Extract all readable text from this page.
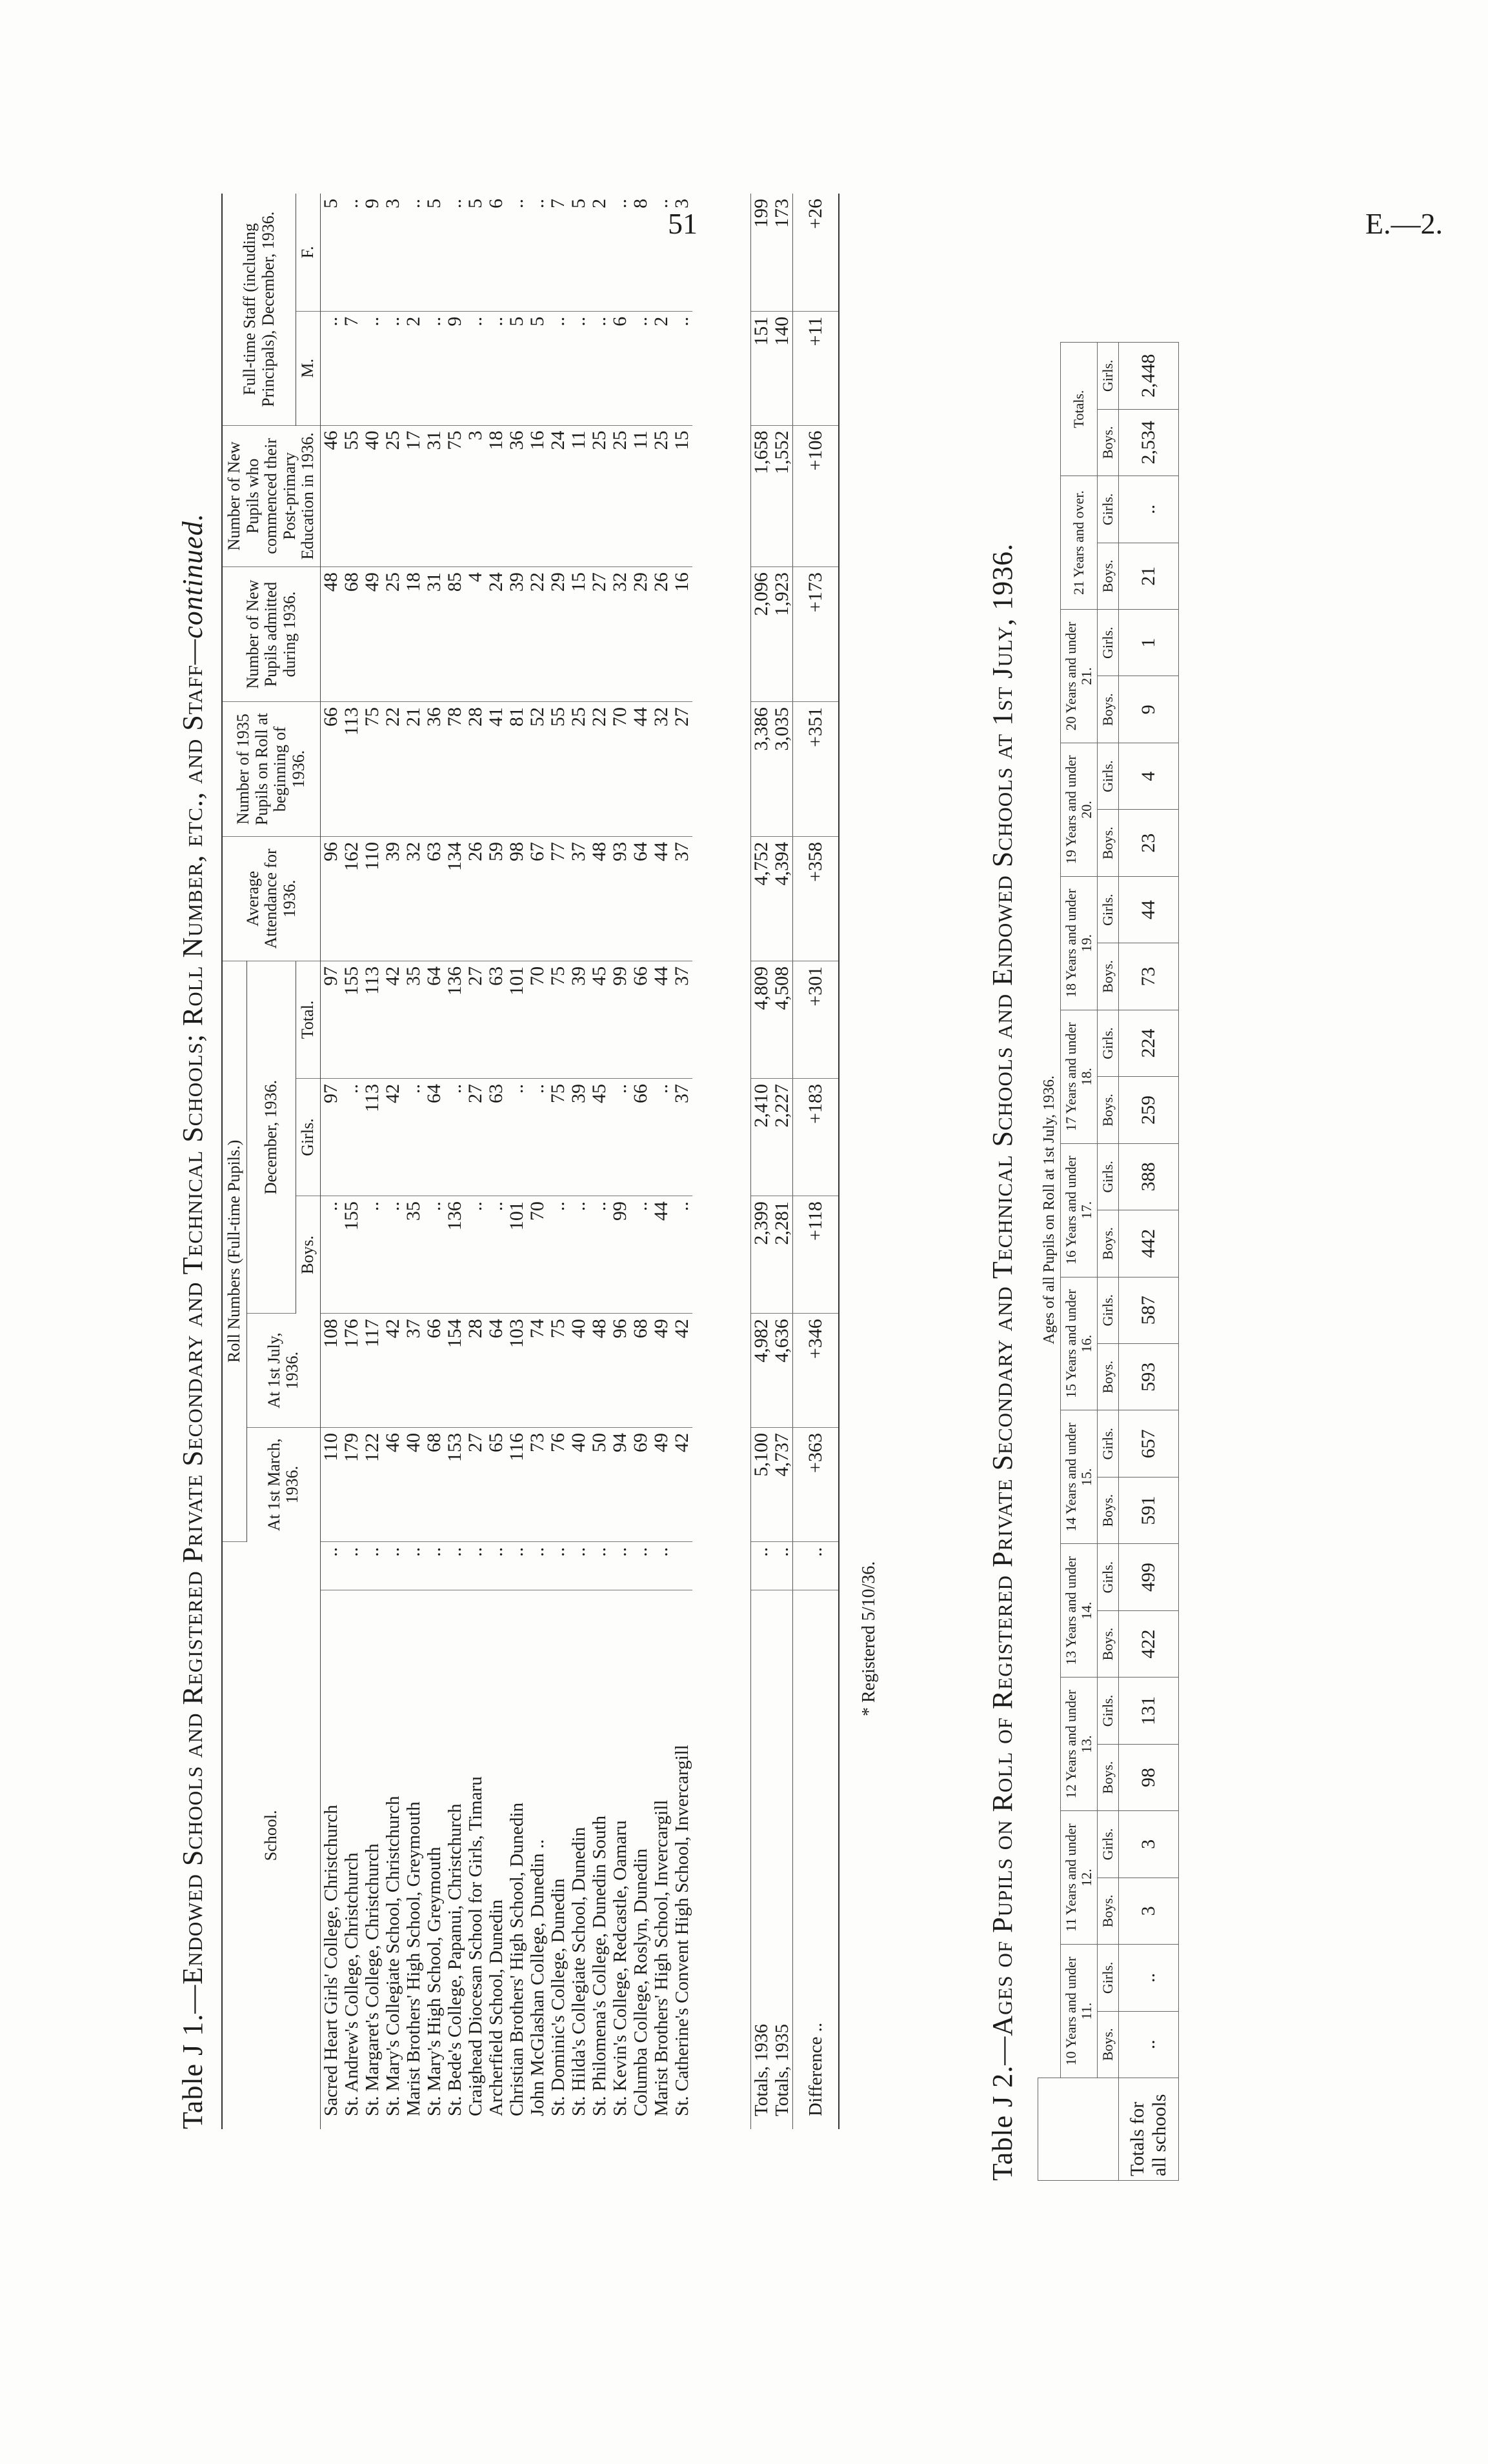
51	E.—2.
Table J 1.—Endowed Schools and Registered Private Secondary and Technical Schools; Roll Number, etc., and Staff—continued.
School.		Roll Numbers (Full-time Pupils.)					Average Attendance for 1936.	Number of 1935 Pupils on Roll at beginning of 1936.	Number of New Pupils admitted during 1936.	Number of New Pupils who commenced their Post-primary Education in 1936.	Full-time Staff (including Principals), December, 1936.	
		At 1st March, 1936.	At 1st July, 1936.	December, 1936.								
				Boys.	Girls.	Total.					M.	F.
Sacred Heart Girls' College, Christchurch	..	110	108	..	97	97	96	66	48	46	..	5
St. Andrew's College, Christchurch	..	179	176	155	..	155	162	113	68	55	7	..
St. Margaret's College, Christchurch	..	122	117	..	113	113	110	75	49	40	..	9
St. Mary's Collegiate School, Christchurch	..	46	42	..	42	42	39	22	25	25	..	3
Marist Brothers' High School, Greymouth	..	40	37	35	..	35	32	21	18	17	2	..
St. Mary's High School, Greymouth	..	68	66	..	64	64	63	36	31	31	..	5
St. Bede's College, Papanui, Christchurch	..	153	154	136	..	136	134	78	85	75	9	..
Craighead Diocesan School for Girls, Timaru	..	27	28	..	27	27	26	28	4	3	..	5
Archerfield School, Dunedin	..	65	64	..	63	63	59	41	24	18	..	6
Christian Brothers' High School, Dunedin	..	116	103	101	..	101	98	81	39	36	5	..
John McGlashan College, Dunedin ..	..	73	74	70	..	70	67	52	22	16	5	..
St. Dominic's College, Dunedin	..	76	75	..	75	75	77	55	29	24	..	7
St. Hilda's Collegiate School, Dunedin	..	40	40	..	39	39	37	25	15	11	..	5
St. Philomena's College, Dunedin South	..	50	48	..	45	45	48	22	27	25	..	2
St. Kevin's College, Redcastle, Oamaru	..	94	96	99	..	99	93	70	32	25	6	..
Columba College, Roslyn, Dunedin	..	69	68	..	66	66	64	44	29	11	..	8
Marist Brothers' High School, Invercargill	..	49	49	44	..	44	44	32	26	25	2	..
St. Catherine's Convent High School, Invercargill		42	42	..	37	37	37	27	16	15	..	3

Totals, 1936	..	5,100	4,982	2,399	2,410	4,809	4,752	3,386	2,096	1,658	151	199
Totals, 1935	..	4,737	4,636	2,281	2,227	4,508	4,394	3,035	1,923	1,552	140	173
Difference ..	..	+363	+346	+118	+183	+301	+358	+351	+173	+106	+11	+26
* Registered 5/10/36.
Table J 2.—Ages of Pupils on Roll of Registered Private Secondary and Technical Schools and Endowed Schools at 1st July, 1936.
		Ages of all Pupils on Roll at 1st July, 1936.																									
	10 Years and under 11.		11 Years and under 12.		12 Years and under 13.		13 Years and under 14.		14 Years and under 15.		15 Years and under 16.		16 Years and under 17.		17 Years and under 18.		18 Years and under 19.		19 Years and under 20.		20 Years and under 21.		21 Years and over.		Totals.	
	Boys.	Girls.	Boys.	Girls.	Boys.	Girls.	Boys.	Girls.	Boys.	Girls.	Boys.	Girls.	Boys.	Girls.	Boys.	Girls.	Boys.	Girls.	Boys.	Girls.	Boys.	Girls.	Boys.	Girls.	Boys.	Girls.
Totals for all schools	..	..	3	3	98	131	422	499	591	657	593	587	442	388	259	224	73	44	23	4	9	1	21	..	2,534	2,448
